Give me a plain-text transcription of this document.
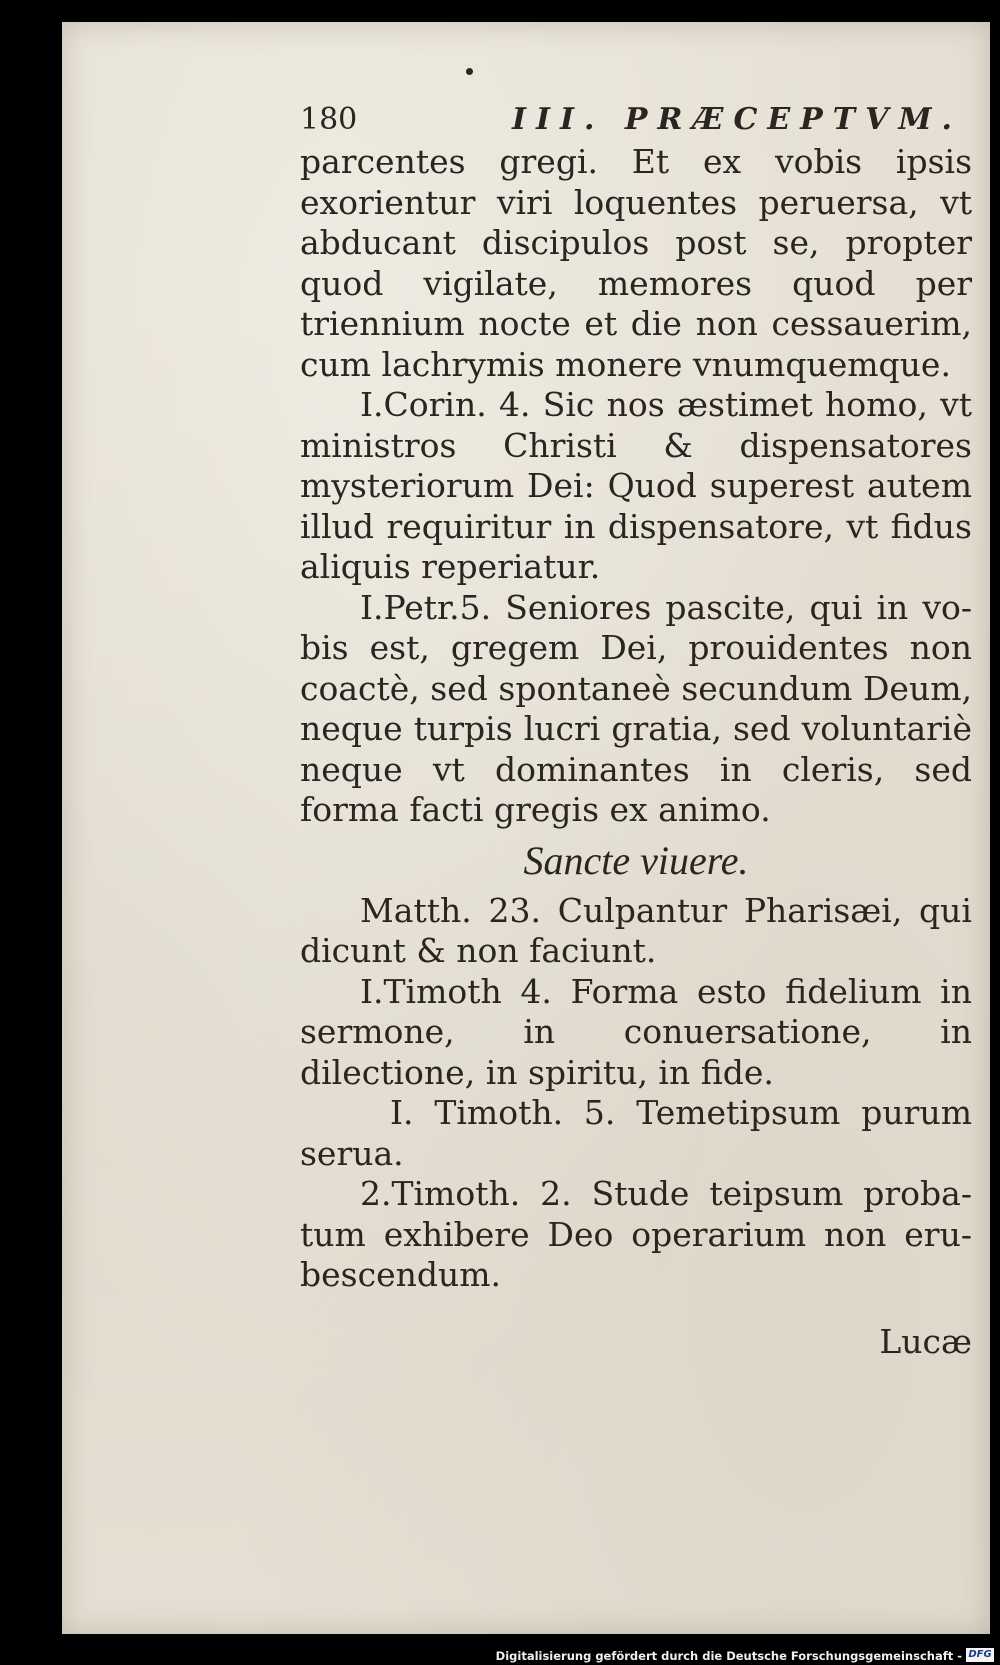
180	III. PRÆCEPTVM.

parcentes gregi. Et ex vobis ipsis exorientur viri loquentes peruersa, vt abducant discipulos post se, propter quod vigilate, memores quod per triennium nocte et die non cessauerim, cum lachrymis monere vnumquemque.

I.Corin. 4. Sic nos æstimet homo, vt ministros Christi & dispensatores mysteriorum Dei: Quod superest autem illud requiritur in dispensatore, vt fidus aliquis reperiatur.

I.Petr.5. Seniores pascite, qui in vobis est, gregem Dei, prouidentes non coactè, sed spontaneè secundum Deum, neque turpis lucri gratia, sed voluntariè neque vt dominantes in cleris, sed forma facti gregis ex animo.

Sancte viuere.

Matth. 23. Culpantur Pharisæi, qui dicunt & non faciunt.

I.Timoth 4. Forma esto fidelium in sermone, in conuersatione, in dilectione, in spiritu, in fide.

I. Timoth. 5. Temetipsum purum serua.

2.Timoth. 2. Stude teipsum probatum exhibere Deo operarium non erubescendum.

Lucæ
Digitalisierung gefördert durch die Deutsche Forschungsgemeinschaft - DFG
